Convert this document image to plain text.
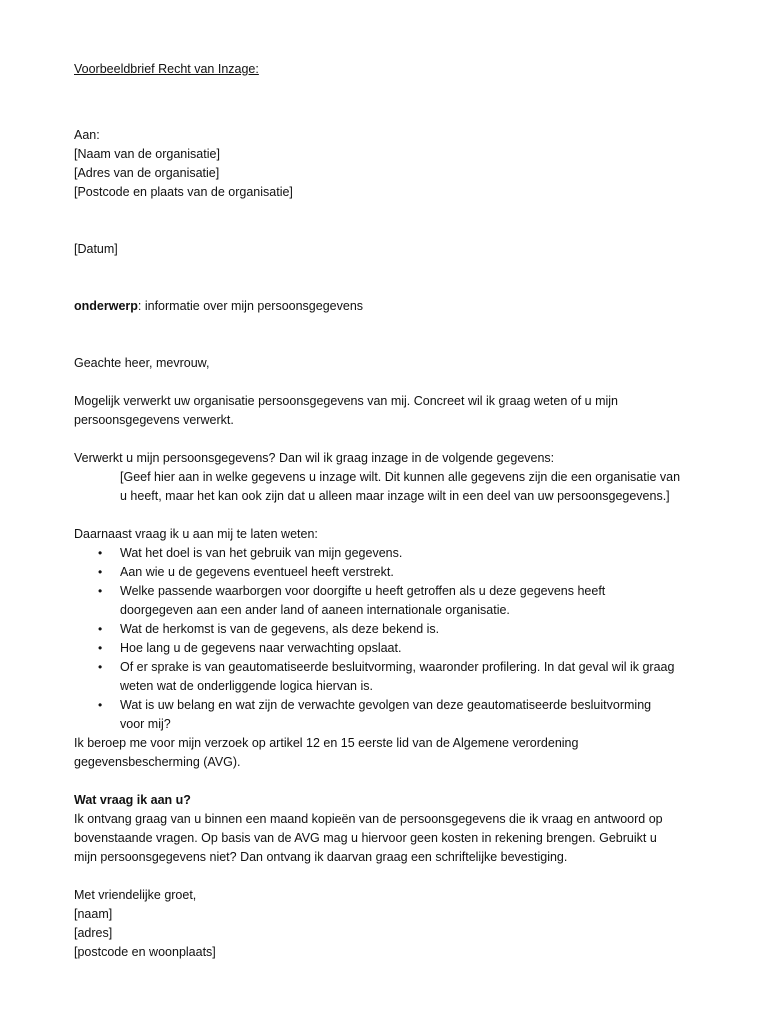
Voorbeeldbrief Recht van Inzage:
Aan:
[Naam van de organisatie]
[Adres van de organisatie]
[Postcode en plaats van de organisatie]
[Datum]
onderwerp: informatie over mijn persoonsgegevens
Geachte heer, mevrouw,
Mogelijk verwerkt uw organisatie persoonsgegevens van mij. Concreet wil ik graag weten of u mijn
persoonsgegevens verwerkt.
Verwerkt u mijn persoonsgegevens? Dan wil ik graag inzage in de volgende gegevens:
[Geef hier aan in welke gegevens u inzage wilt. Dit kunnen alle gegevens zijn die een organisatie van
u heeft, maar het kan ook zijn dat u alleen maar inzage wilt in een deel van uw persoonsgegevens.]
Daarnaast vraag ik u aan mij te laten weten:
• Wat het doel is van het gebruik van mijn gegevens.
• Aan wie u de gegevens eventueel heeft verstrekt.
• Welke passende waarborgen voor doorgifte u heeft getroffen als u deze gegevens heeft
doorgegeven aan een ander land of aaneen internationale organisatie.
• Wat de herkomst is van de gegevens, als deze bekend is.
• Hoe lang u de gegevens naar verwachting opslaat.
• Of er sprake is van geautomatiseerde besluitvorming, waaronder profilering. In dat geval wil ik graag
weten wat de onderliggende logica hiervan is.
• Wat is uw belang en wat zijn de verwachte gevolgen van deze geautomatiseerde besluitvorming
voor mij?
Ik beroep me voor mijn verzoek op artikel 12 en 15 eerste lid van de Algemene verordening
gegevensbescherming (AVG).
Wat vraag ik aan u?
Ik ontvang graag van u binnen een maand kopieën van de persoonsgegevens die ik vraag en antwoord op
bovenstaande vragen. Op basis van de AVG mag u hiervoor geen kosten in rekening brengen. Gebruikt u
mijn persoonsgegevens niet? Dan ontvang ik daarvan graag een schriftelijke bevestiging.
Met vriendelijke groet,
[naam]
[adres]
[postcode en woonplaats]
